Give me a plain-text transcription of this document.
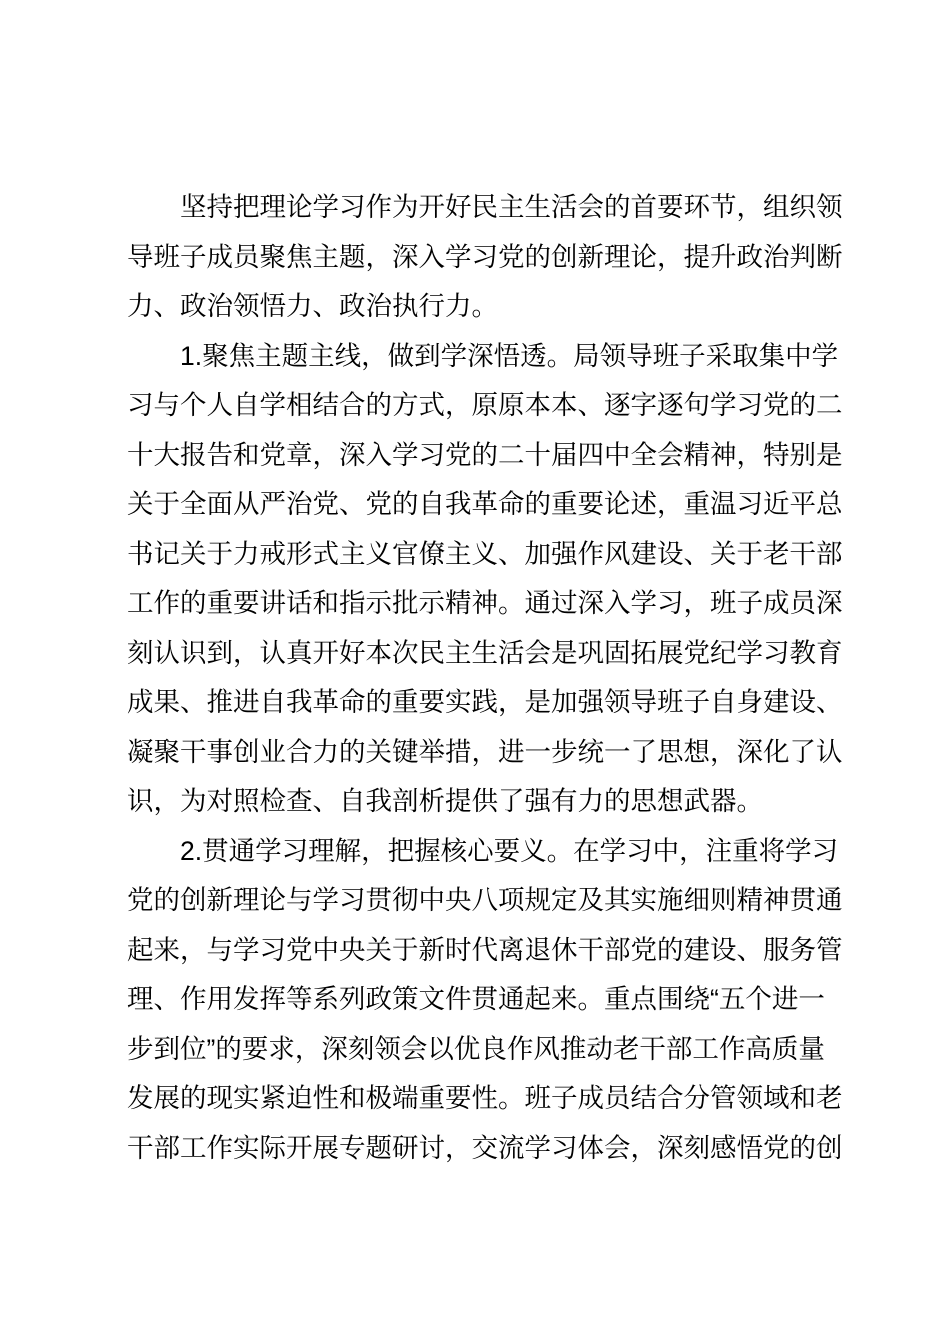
坚持把理论学习作为开好民主生活会的首要环节，组织领
导班子成员聚焦主题，深入学习党的创新理论，提升政治判断
力、政治领悟力、政治执行力。
1.聚焦主题主线，做到学深悟透。局领导班子采取集中学
习与个人自学相结合的方式，原原本本、逐字逐句学习党的二
十大报告和党章，深入学习党的二十届四中全会精神，特别是
关于全面从严治党、党的自我革命的重要论述，重温习近平总
书记关于力戒形式主义官僚主义、加强作风建设、关于老干部
工作的重要讲话和指示批示精神。通过深入学习，班子成员深
刻认识到，认真开好本次民主生活会是巩固拓展党纪学习教育
成果、推进自我革命的重要实践，是加强领导班子自身建设、
凝聚干事创业合力的关键举措，进一步统一了思想，深化了认
识，为对照检查、自我剖析提供了强有力的思想武器。
2.贯通学习理解，把握核心要义。在学习中，注重将学习
党的创新理论与学习贯彻中央八项规定及其实施细则精神贯通
起来，与学习党中央关于新时代离退休干部党的建设、服务管
理、作用发挥等系列政策文件贯通起来。重点围绕“五个进一
步到位”的要求，深刻领会以优良作风推动老干部工作高质量
发展的现实紧迫性和极端重要性。班子成员结合分管领域和老
干部工作实际开展专题研讨，交流学习体会，深刻感悟党的创
